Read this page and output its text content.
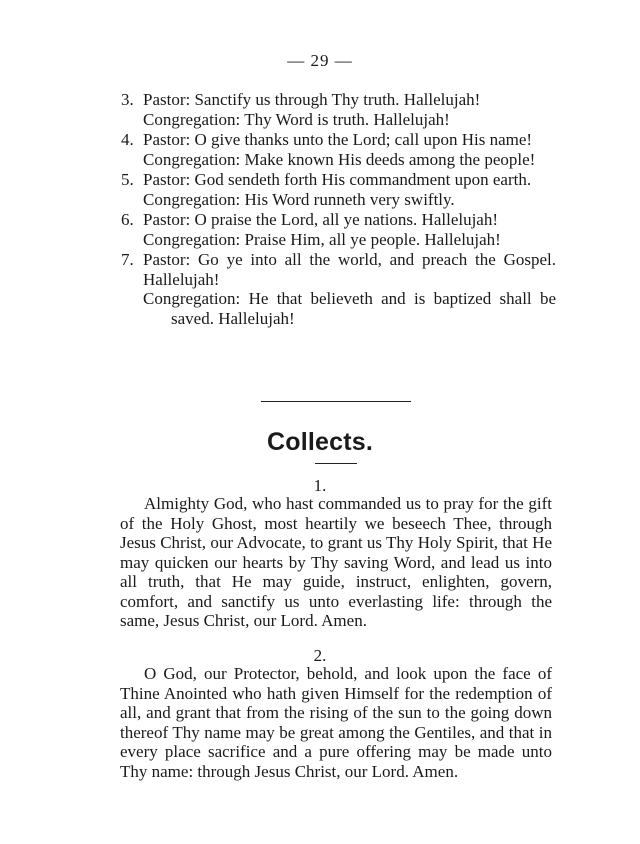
— 29 —
3. Pastor: Sanctify us through Thy truth. Hallelujah!
Congregation: Thy Word is truth. Hallelujah!
4. Pastor: O give thanks unto the Lord; call upon His name!
Congregation: Make known His deeds among the people!
5. Pastor: God sendeth forth His commandment upon earth.
Congregation: His Word runneth very swiftly.
6. Pastor: O praise the Lord, all ye nations. Hallelujah!
Congregation: Praise Him, all ye people. Hallelujah!
7. Pastor: Go ye into all the world, and preach the Gospel. Hallelujah!
Congregation: He that believeth and is baptized shall be saved. Hallelujah!
Collects.
1.
Almighty God, who hast commanded us to pray for the gift of the Holy Ghost, most heartily we beseech Thee, through Jesus Christ, our Advocate, to grant us Thy Holy Spirit, that He may quicken our hearts by Thy saving Word, and lead us into all truth, that He may guide, instruct, enlighten, govern, comfort, and sanctify us unto everlasting life: through the same, Jesus Christ, our Lord. Amen.
2.
O God, our Protector, behold, and look upon the face of Thine Anointed who hath given Himself for the redemption of all, and grant that from the rising of the sun to the going down thereof Thy name may be great among the Gentiles, and that in every place sacrifice and a pure offering may be made unto Thy name: through Jesus Christ, our Lord. Amen.
